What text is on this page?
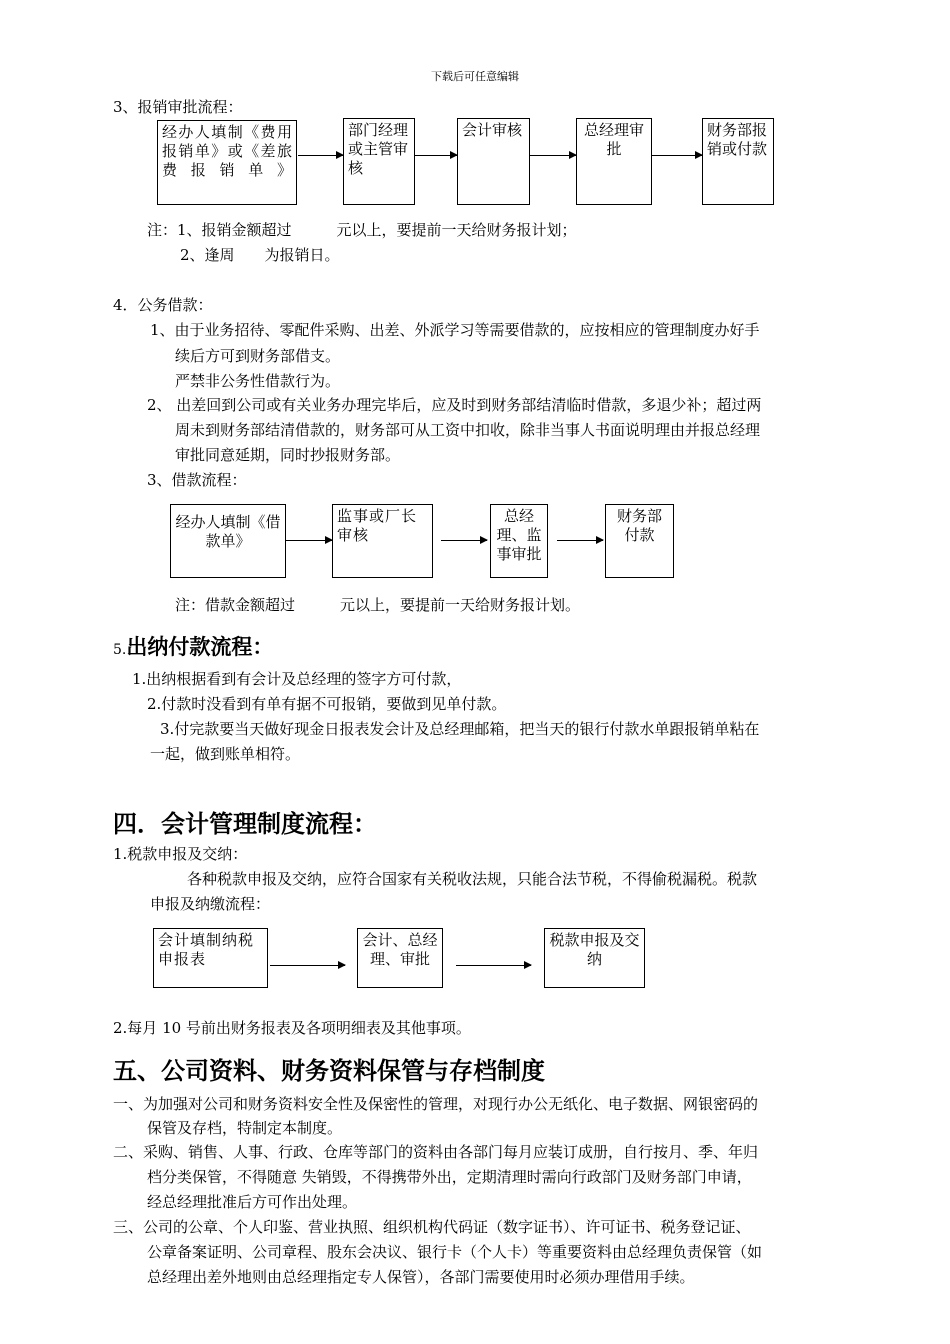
下载后可任意编辑
3、报销审批流程：
经办人填制《费用报销单》或《差旅费报销单》
部门经理或主管审核
会计审核	总经理审批
财务部报销或付款
注：1、报销金额超过　　　元以上，要提前一天给财务报计划；
2、逢周　　为报销日。
4．公务借款：
1、由于业务招待、零配件采购、出差、外派学习等需要借款的，应按相应的管理制度办好手
续后方可到财务部借支。
严禁非公务性借款行为。
2、 出差回到公司或有关业务办理完毕后，应及时到财务部结清临时借款，多退少补；超过两
周未到财务部结清借款的，财务部可从工资中扣收，除非当事人书面说明理由并报总经理
审批同意延期，同时抄报财务部。
3、借款流程：
经办人填制《借款单》
监事或厂长审核
总经理、监事审批
财务部付款
注：借款金额超过　　　元以上，要提前一天给财务报计划。
5.出纳付款流程：
1.出纳根据看到有会计及总经理的签字方可付款，
2.付款时没看到有单有据不可报销，要做到见单付款。
3.付完款要当天做好现金日报表发会计及总经理邮箱，把当天的银行付款水单跟报销单粘在
一起，做到账单相符。
四．会计管理制度流程：
1.税款申报及交纳：
各种税款申报及交纳，应符合国家有关税收法规，只能合法节税，不得偷税漏税。税款
申报及纳缴流程：
会计填制纳税申报表
会计、总经理、审批
税款申报及交纳
2.每月 10 号前出财务报表及各项明细表及其他事项。
五、公司资料、财务资料保管与存档制度
一、为加强对公司和财务资料安全性及保密性的管理，对现行办公无纸化、电子数据、网银密码的
保管及存档，特制定本制度。
二、采购、销售、人事、行政、仓库等部门的资料由各部门每月应装订成册，自行按月、季、年归
档分类保管，不得随意 失销毁，不得携带外出，定期清理时需向行政部门及财务部门申请，
经总经理批准后方可作出处理。
三、公司的公章、个人印鉴、营业执照、组织机构代码证（数字证书）、许可证书、税务登记证、
公章备案证明、公司章程、股东会决议、银行卡（个人卡）等重要资料由总经理负责保管（如
总经理出差外地则由总经理指定专人保管），各部门需要使用时必须办理借用手续。
